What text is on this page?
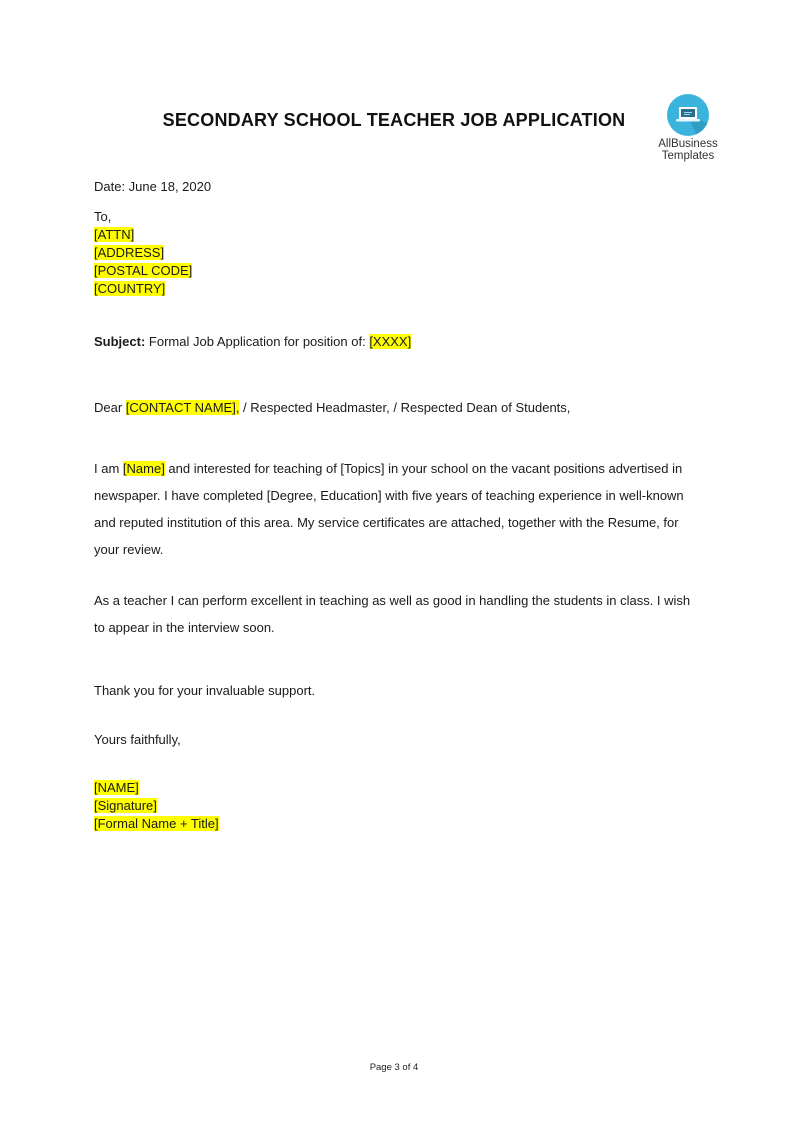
SECONDARY SCHOOL TEACHER JOB APPLICATION
AllBusiness
Templates
Date: June 18, 2020
To,
[ATTN]
[ADDRESS]
[POSTAL CODE]
[COUNTRY]
Subject: Formal Job Application for position of: [XXXX]
Dear [CONTACT NAME], / Respected Headmaster, / Respected Dean of Students,
I am [Name] and interested for teaching of [Topics] in your school on the vacant positions advertised in newspaper. I have completed [Degree, Education] with five years of teaching experience in well-known and reputed institution of this area. My service certificates are attached, together with the Resume, for your review.
As a teacher I can perform excellent in teaching as well as good in handling the students in class. I wish to appear in the interview soon.
Thank you for your invaluable support.
Yours faithfully,
[NAME]
[Signature]
[Formal Name + Title]
Page 3 of 4
